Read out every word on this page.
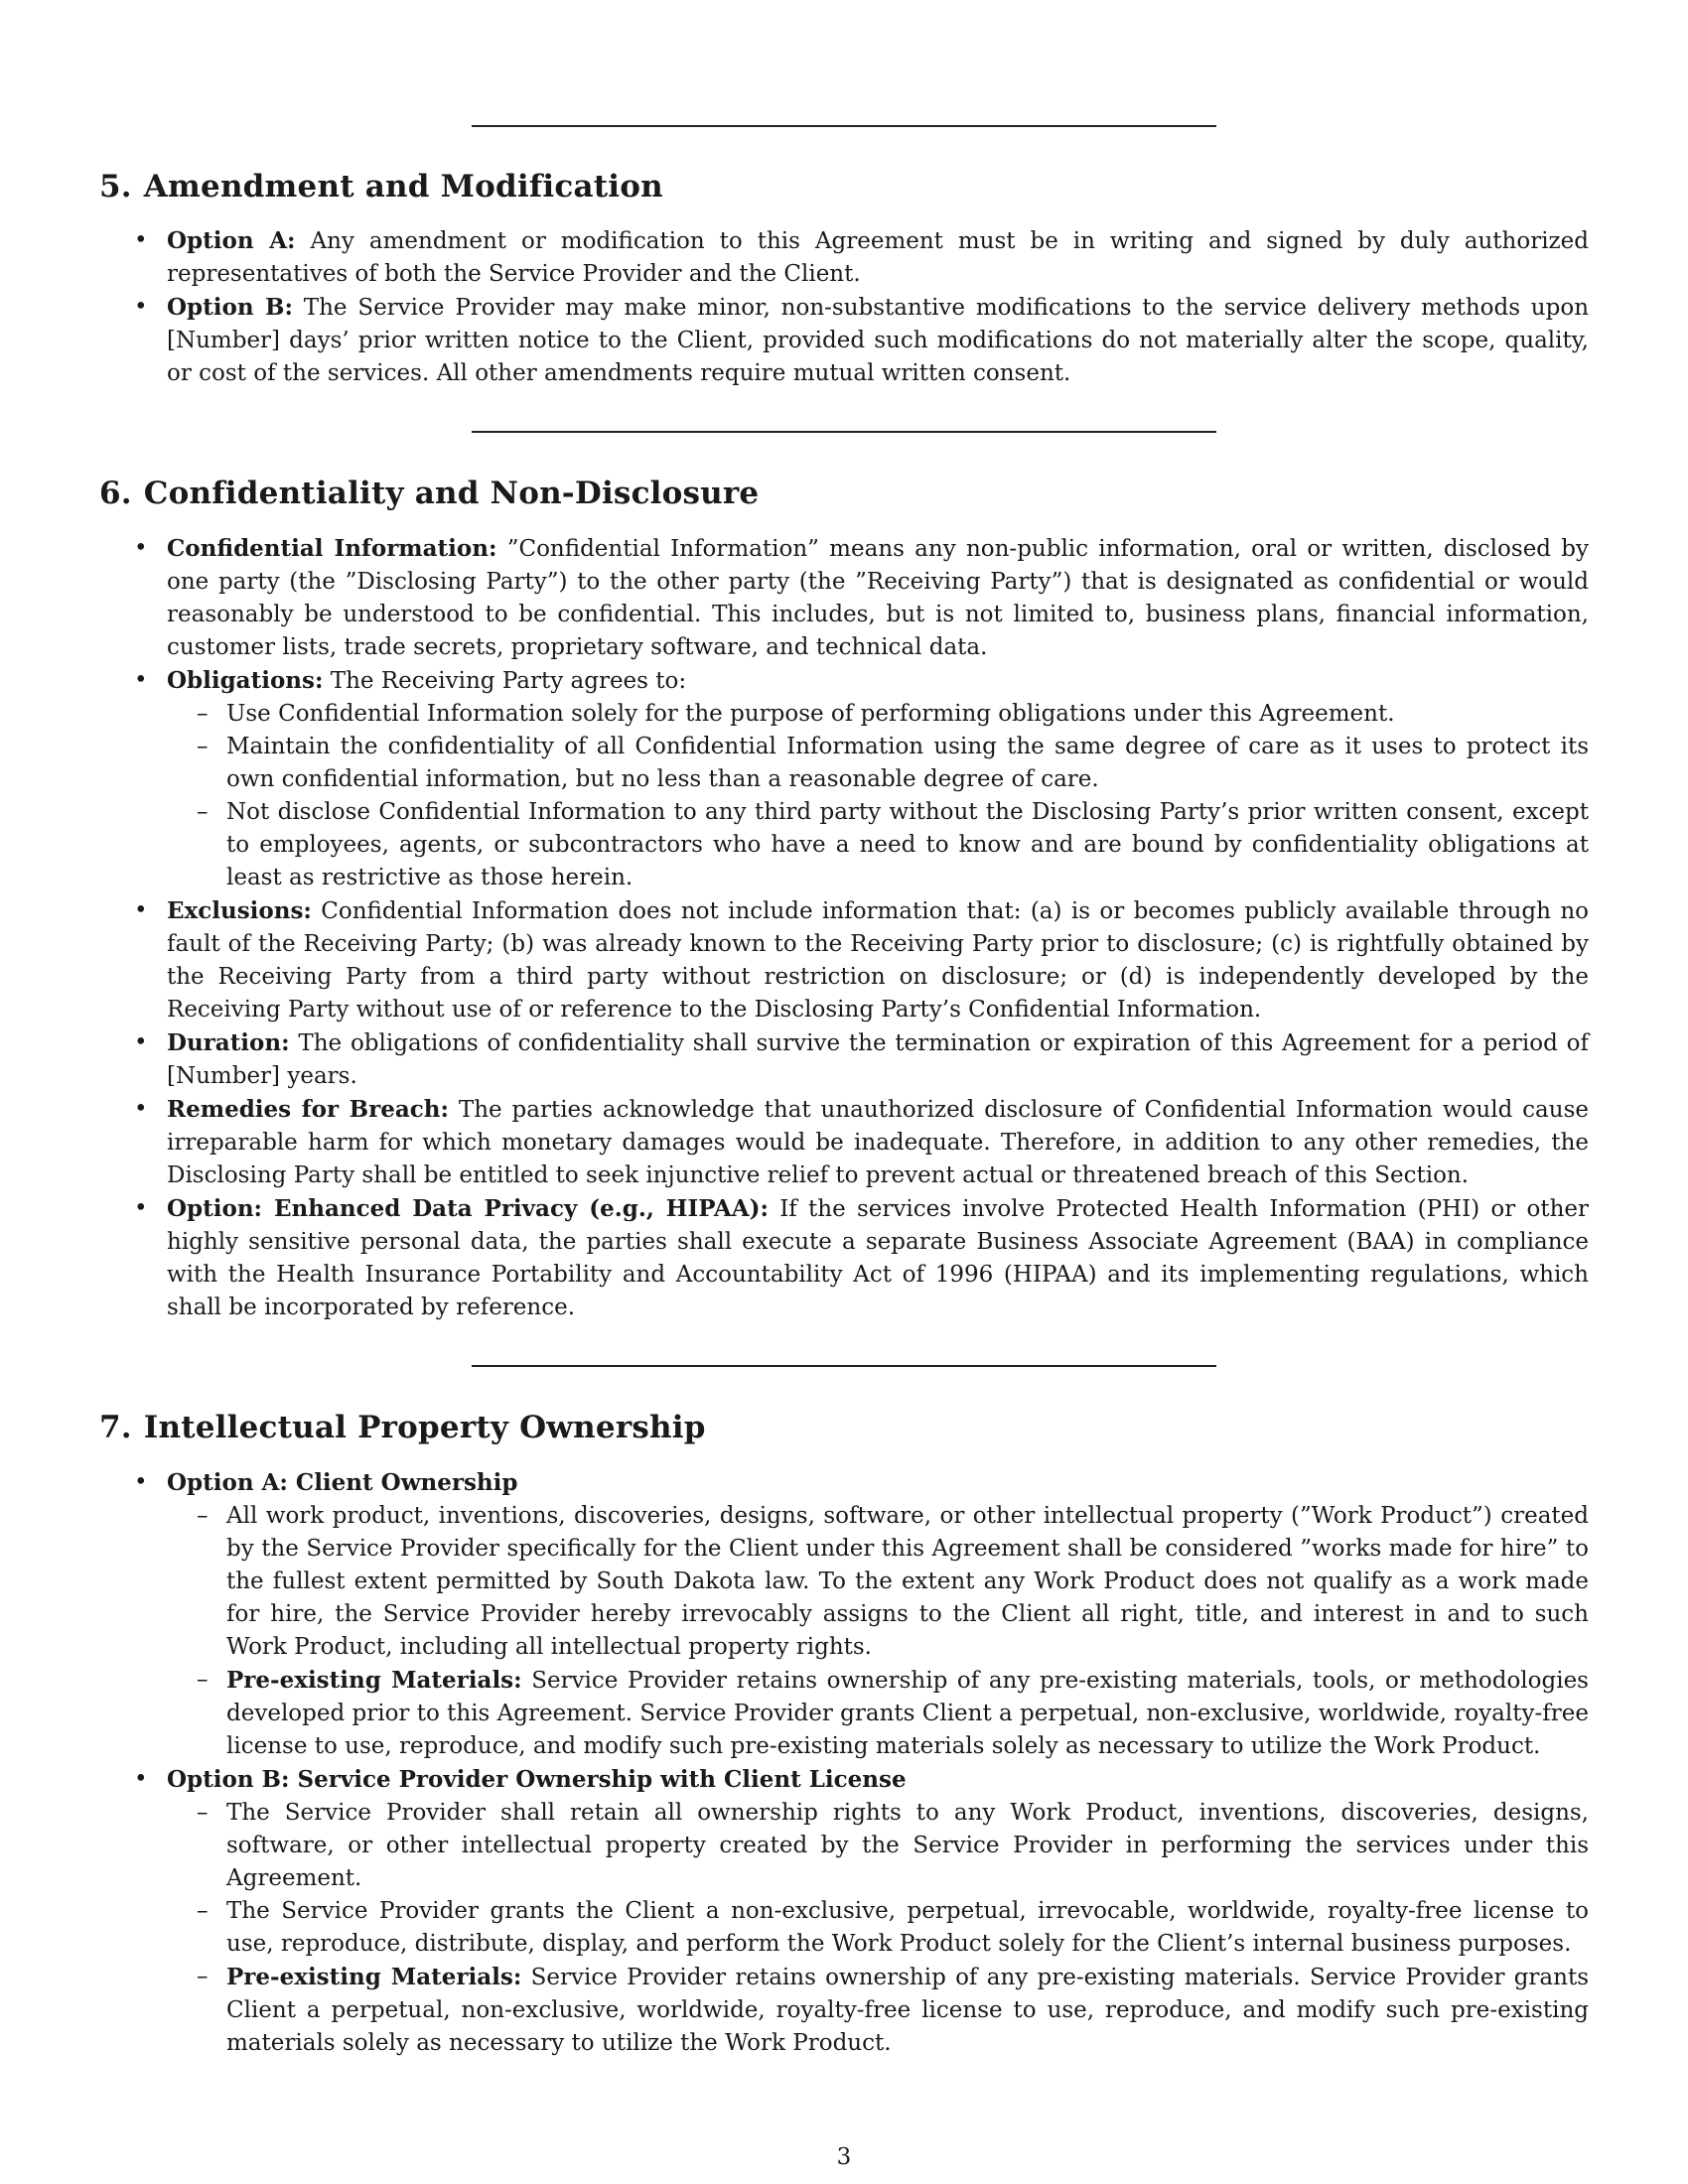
5. Amendment and Modification
• Option A: Any amendment or modification to this Agreement must be in writing and signed by duly authorized representatives of both the Service Provider and the Client.
• Option B: The Service Provider may make minor, non-substantive modifications to the service delivery methods upon [Number] days’ prior written notice to the Client, provided such modifications do not materially alter the scope, quality, or cost of the services. All other amendments require mutual written consent.
6. Confidentiality and Non-Disclosure
• Confidential Information: ”Confidential Information” means any non-public information, oral or written, disclosed by one party (the ”Disclosing Party”) to the other party (the ”Receiving Party”) that is designated as confidential or would reasonably be understood to be confidential. This includes, but is not limited to, business plans, financial information, customer lists, trade secrets, proprietary software, and technical data.
• Obligations: The Receiving Party agrees to:
– Use Confidential Information solely for the purpose of performing obligations under this Agreement.
– Maintain the confidentiality of all Confidential Information using the same degree of care as it uses to protect its own confidential information, but no less than a reasonable degree of care.
– Not disclose Confidential Information to any third party without the Disclosing Party’s prior written consent, except to employees, agents, or subcontractors who have a need to know and are bound by confidentiality obligations at least as restrictive as those herein.
• Exclusions: Confidential Information does not include information that: (a) is or becomes publicly available through no fault of the Receiving Party; (b) was already known to the Receiving Party prior to disclosure; (c) is rightfully obtained by the Receiving Party from a third party without restriction on disclosure; or (d) is independently developed by the Receiving Party without use of or reference to the Disclosing Party’s Confidential Information.
• Duration: The obligations of confidentiality shall survive the termination or expiration of this Agreement for a period of [Number] years.
• Remedies for Breach: The parties acknowledge that unauthorized disclosure of Confidential Information would cause irreparable harm for which monetary damages would be inadequate. Therefore, in addition to any other remedies, the Disclosing Party shall be entitled to seek injunctive relief to prevent actual or threatened breach of this Section.
• Option: Enhanced Data Privacy (e.g., HIPAA): If the services involve Protected Health Information (PHI) or other highly sensitive personal data, the parties shall execute a separate Business Associate Agreement (BAA) in compliance with the Health Insurance Portability and Accountability Act of 1996 (HIPAA) and its implementing regulations, which shall be incorporated by reference.
7. Intellectual Property Ownership
• Option A: Client Ownership
– All work product, inventions, discoveries, designs, software, or other intellectual property (”Work Product”) created by the Service Provider specifically for the Client under this Agreement shall be considered ”works made for hire” to the fullest extent permitted by South Dakota law. To the extent any Work Product does not qualify as a work made for hire, the Service Provider hereby irrevocably assigns to the Client all right, title, and interest in and to such Work Product, including all intellectual property rights.
– Pre-existing Materials: Service Provider retains ownership of any pre-existing materials, tools, or methodologies developed prior to this Agreement. Service Provider grants Client a perpetual, non-exclusive, worldwide, royalty-free license to use, reproduce, and modify such pre-existing materials solely as necessary to utilize the Work Product.
• Option B: Service Provider Ownership with Client License
– The Service Provider shall retain all ownership rights to any Work Product, inventions, discoveries, designs, software, or other intellectual property created by the Service Provider in performing the services under this Agreement.
– The Service Provider grants the Client a non-exclusive, perpetual, irrevocable, worldwide, royalty-free license to use, reproduce, distribute, display, and perform the Work Product solely for the Client’s internal business purposes.
– Pre-existing Materials: Service Provider retains ownership of any pre-existing materials. Service Provider grants Client a perpetual, non-exclusive, worldwide, royalty-free license to use, reproduce, and modify such pre-existing materials solely as necessary to utilize the Work Product.
3
